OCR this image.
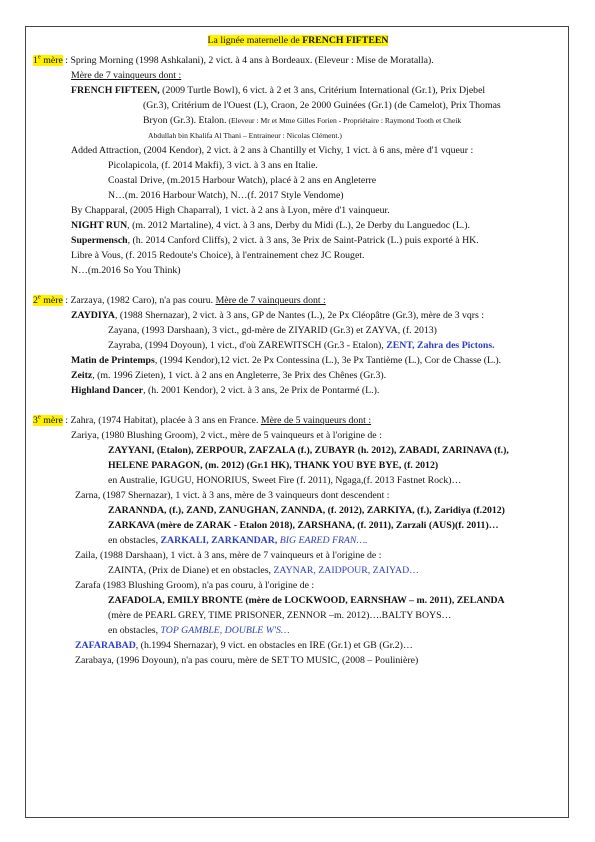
La lignée maternelle de FRENCH FIFTEEN
1e mère : Spring Morning (1998 Ashkalani), 2 vict. à 4 ans à Bordeaux. (Eleveur : Mise de Moratalla).
Mère de 7 vainqueurs dont :
FRENCH FIFTEEN, (2009 Turtle Bowl), 6 vict. à 2 et 3 ans, Critérium International (Gr.1), Prix Djebel
(Gr.3), Critérium de l'Ouest (L), Craon, 2e 2000 Guinées (Gr.1) (de Camelot), Prix Thomas
Bryon (Gr.3). Etalon. (Eleveur : Mr et Mme Gilles Forien - Propriétaire : Raymond Tooth et Cheik
Abdullah bin Khalifa Al Thani – Entraineur : Nicolas Clément.)
Added Attraction, (2004 Kendor), 2 vict. à 2 ans à Chantilly et Vichy, 1 vict. à 6 ans, mère d'1 vqueur :
Picolapicola, (f. 2014 Makfi), 3 vict. à 3 ans en Italie.
Coastal Drive, (m.2015 Harbour Watch), placé à 2 ans en Angleterre
N…(m. 2016 Harbour Watch), N…(f. 2017 Style Vendome)
By Chapparal, (2005 High Chaparral), 1 vict. à 2 ans à Lyon, mère d'1 vainqueur.
NIGHT RUN, (m. 2012 Martaline), 4 vict. à 3 ans, Derby du Midi (L.), 2e Derby du Languedoc (L.).
Supermensch, (h. 2014 Canford Cliffs), 2 vict. à 3 ans, 3e Prix de Saint-Patrick (L.) puis exporté à HK.
Libre à Vous, (f. 2015 Redoute's Choice), à l'entrainement chez JC Rouget.
N…(m.2016 So You Think)
2e mère : Zarzaya, (1982 Caro), n'a pas couru. Mère de 7 vainqueurs dont :
ZAYDIYA, (1988 Shernazar), 2 vict. à 3 ans, GP de Nantes (L.), 2e Px Cléopâtre (Gr.3), mère de 3 vqrs :
Zayana, (1993 Darshaan), 3 vict., gd-mère de ZIYARID (Gr.3) et ZAYVA, (f. 2013)
Zayraba, (1994 Doyoun), 1 vict., d'où ZAREWITSCH (Gr.3 - Etalon), ZENT, Zahra des Pictons.
Matin de Printemps, (1994 Kendor),12 vict. 2e Px Contessina (L.), 3e Px Tantième (L.), Cor de Chasse (L.).
Zeitz, (m. 1996 Zieten), 1 vict. à 2 ans en Angleterre, 3e Prix des Chênes (Gr.3).
Highland Dancer, (h. 2001 Kendor), 2 vict. à 3 ans, 2e Prix de Pontarmé (L.).
3e mère : Zahra, (1974 Habitat), placée à 3 ans en France. Mère de 5 vainqueurs dont :
Zariya, (1980 Blushing Groom), 2 vict., mère de 5 vainqueurs et à l'origine de :
ZAYYANI, (Etalon), ZERPOUR, ZAFZALA (f.), ZUBAYR (h. 2012), ZABADI, ZARINAVA (f.),
HELENE PARAGON, (m. 2012) (Gr.1 HK), THANK YOU BYE BYE, (f. 2012)
en Australie, IGUGU, HONORIUS, Sweet Fire (f. 2011), Ngaga,(f. 2013 Fastnet Rock)…
Zarna, (1987 Shernazar), 1 vict. à 3 ans, mère de 3 vainqueurs dont descendent :
ZARANNDA, (f.), ZAND, ZANUGHAN, ZANNDA, (f. 2012), ZARKIYA, (f.), Zaridiya (f.2012)
ZARKAVA (mère de ZARAK - Etalon 2018), ZARSHANA, (f. 2011), Zarzali (AUS)(f. 2011)…
en obstacles, ZARKALI, ZARKANDAR, BIG EARED FRAN….
Zaila, (1988 Darshaan), 1 vict. à 3 ans, mère de 7 vainqueurs et à l'origine de :
ZAINTA, (Prix de Diane) et en obstacles, ZAYNAR, ZAIDPOUR, ZAIYAD…
Zarafa (1983 Blushing Groom), n'a pas couru, à l'origine de :
ZAFADOLA, EMILY BRONTE (mère de LOCKWOOD, EARNSHAW – m. 2011), ZELANDA
(mère de PEARL GREY, TIME PRISONER, ZENNOR –m. 2012)….BALTY BOYS…
en obstacles, TOP GAMBLE, DOUBLE W'S…
ZAFARABAD, (h.1994 Shernazar), 9 vict. en obstacles en IRE (Gr.1) et GB (Gr.2)…
Zarabaya, (1996 Doyoun), n'a pas couru, mère de SET TO MUSIC, (2008 – Poulinière)
